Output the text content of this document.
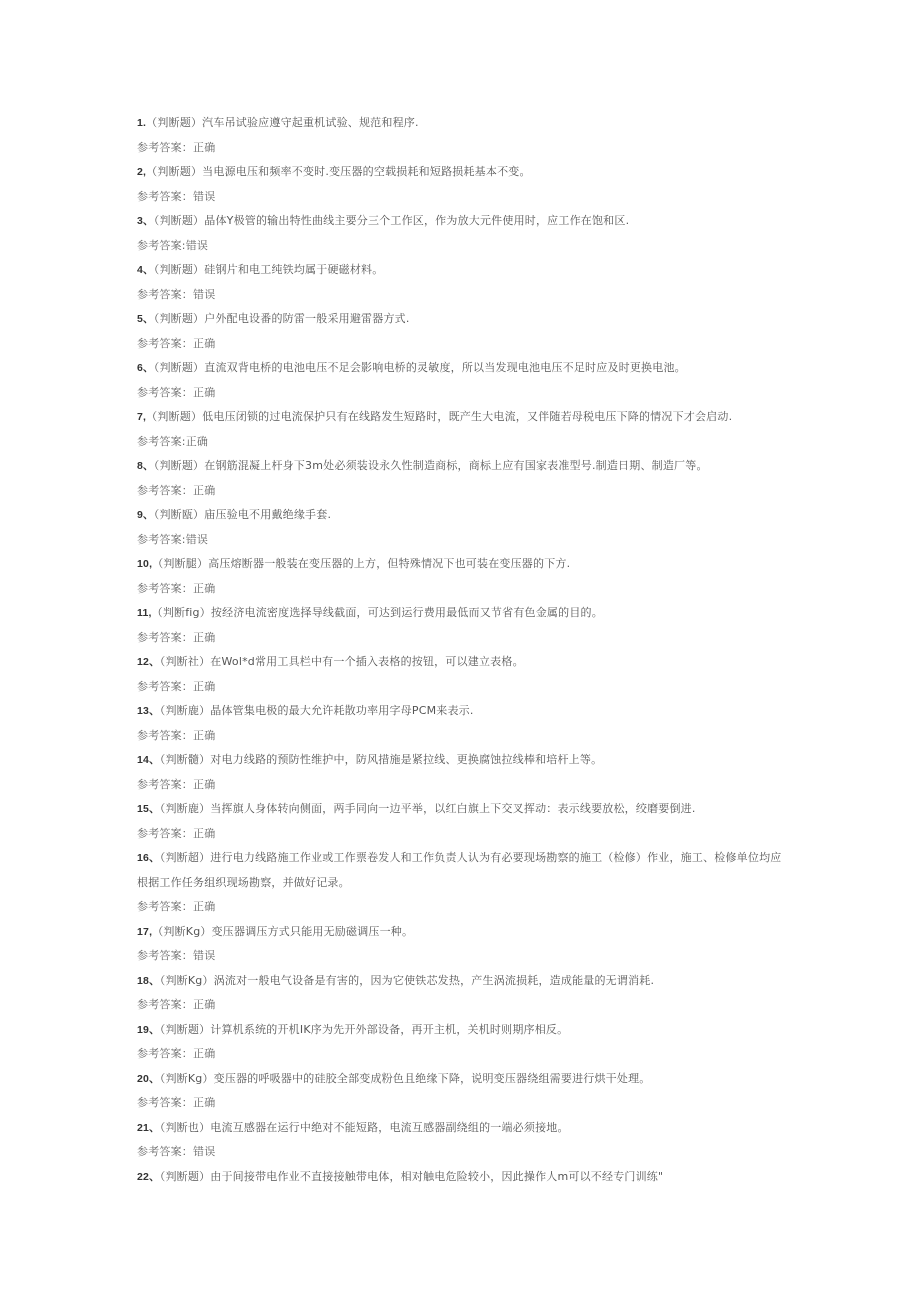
1.（判断题）汽车吊试验应遵守起重机试验、规范和程序.
参考答案：正确
2,（判断题）当电源电压和频率不变时.变压器的空载损耗和短路损耗基本不变。
参考答案：错误
3、（判断题）晶体Y极管的输出特性曲线主要分三个工作区，作为放大元件使用时，应工作在饱和区.
参考答案:错误
4、（判断题）硅钢片和电工纯铁均属于硬磁材料。
参考答案：错误
5、（判断题）户外配电设番的防雷一般采用避雷器方式.
参考答案：正确
6、（判断题）直流双背电桥的电池电压不足会影响电桥的灵敏度，所以当发现电池电压不足时应及时更换电池。
参考答案：正确
7,（判断题）低电压闭锁的过电流保护只有在线路发生短路时，既产生大电流，又伴随若母税电压下降的情况下才会启动.
参考答案:正确
8、（判断题）在钢筋混凝上杆身下3m处必须装设永久性制造商标，商标上应有国家表准型号.制造日期、制造厂等。
参考答案：正确
9、（判断瓯）庙压验电不用戴绝缘手套.
参考答案:错误
10,（判断腿）高压熔断器一般装在变压器的上方，但特殊情况下也可装在变压器的下方.
参考答案：正确
11,（判断fig）按经济电流密度选择导线截面，可达到运行费用最低而又节省有色金属的目的。
参考答案：正确
12、（判断社）在Wol*d常用工具栏中有一个插入表格的按钮，可以建立表格。
参考答案：正确
13、（判断鹿）晶体管集电极的最大允许耗散功率用字母PCM来表示.
参考答案：正确
14、（判断髓）对电力线路的预防性维护中，防风措施是紧拉线、更换腐蚀拉线棒和培杆上等。
参考答案：正确
15、（判断鹿）当挥旗人身体转向侧面，两手同向一边平举，以红白旗上下交叉挥动：表示线要放松，绞磨要倒进.
参考答案：正确
16、（判断超）进行电力线路施工作业或工作票卷发人和工作负责人认为有必要现场勘察的施工（检修）作业，施工、检修单位均应根据工作任务组织现场勘察，并做好记录。
参考答案：正确
17,（判断Kg）变压器调压方式只能用无励磁调压一种。
参考答案：错误
18、（判断Kg）涡流对一般电气设备是有害的，因为它使铁芯发热，产生涡流损耗，造成能量的无谓消耗.
参考答案：正确
19、（判断题）计算机系统的开机IK序为先开外部设备，再开主机，关机时则期序相反。
参考答案：正确
20、（判断Kg）变压器的呼吸器中的硅胶全部变成粉色且绝缘下降，说明变压器绕组需要进行烘干处理。
参考答案：正确
21、（判断也）电流互感器在运行中绝对不能短路，电流互感器副绕组的一端必须接地。
参考答案：错误
22、（判断题）由于间接带电作业不直接接触带电体，相对触电危险较小，因此操作人m可以不经专门训练"
